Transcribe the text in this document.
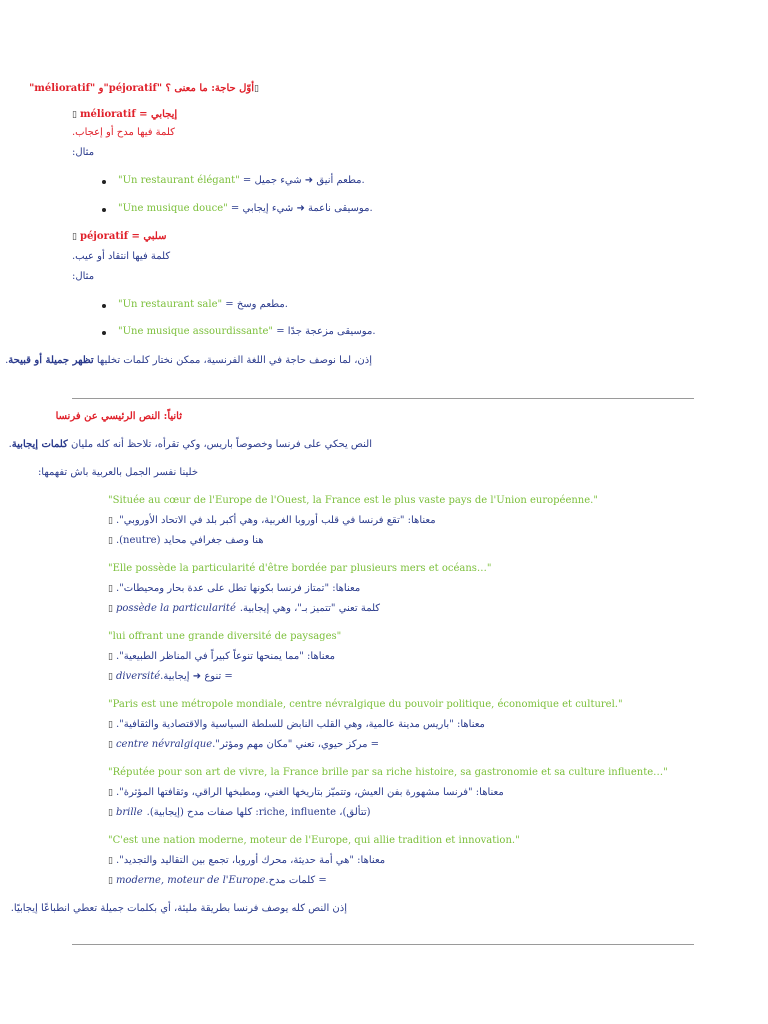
▯أوّل حاجة: ما معنى "mélioratif" و"péjoratif" ؟
▯ mélioratif = إيجابي
كلمة فيها مدح أو إعجاب.
مثال:
"Un restaurant élégant" = مطعم أنيق ➜ شيء جميل.
"Une musique douce" = موسيقى ناعمة ➜ شيء إيجابي.
▯ péjoratif = سلبي
كلمة فيها انتقاد أو عيب.
مثال:
"Un restaurant sale" = مطعم وسخ.
"Une musique assourdissante" = موسيقى مزعجة جدًا.
إذن، لما نوصف حاجة في اللغة الفرنسية، ممكن نختار كلمات تخليها تظهر جميلة أو قبيحة.
ثانياً: النص الرئيسي عن فرنسا
النص يحكي على فرنسا وخصوصاً باريس، وكي تقرأه، تلاحظ أنه كله مليان كلمات إيجابية.
خلينا نفسر الجمل بالعربية باش تفهمها:
"Située au cœur de l'Europe de l'Ouest, la France est le plus vaste pays de l'Union européenne."
▯ معناها: "تقع فرنسا في قلب أوروبا الغربية، وهي أكبر بلد في الاتحاد الأوروبي".
▯ هنا وصف جغرافي محايد (neutre).
"Elle possède la particularité d'être bordée par plusieurs mers et océans…"
▯ معناها: "تمتاز فرنسا بكونها تطل على عدة بحار ومحيطات".
▯ possède la particularité كلمة تعني "تتميز بـ"، وهي إيجابية.
"lui offrant une grande diversité de paysages"
▯ معناها: "مما يمنحها تنوعاً كبيراً في المناظر الطبيعية".
▯ diversité = تنوع ➜ إيجابية.
"Paris est une métropole mondiale, centre névralgique du pouvoir politique, économique et culturel."
▯ معناها: "باريس مدينة عالمية، وهي القلب النابض للسلطة السياسية والاقتصادية والثقافية".
▯ centre névralgique = مركز حيوي، تعني "مكان مهم ومؤثر".
"Réputée pour son art de vivre, la France brille par sa riche histoire, sa gastronomie et sa culture influente…"
▯ معناها: "فرنسا مشهورة بفن العيش، وتتميّز بتاريخها الغني، ومطبخها الراقي، وثقافتها المؤثرة".
▯ brille (تتألق)، riche, influente: كلها صفات مدح (إيجابية).
"C'est une nation moderne, moteur de l'Europe, qui allie tradition et innovation."
▯ معناها: "هي أمة حديثة، محرك أوروبا، تجمع بين التقاليد والتجديد".
▯ moderne, moteur de l'Europe = كلمات مدح.
إذن النص كله يوصف فرنسا بطريقة مليئة، أي بكلمات جميلة تعطي انطباعًا إيجابيًا.
